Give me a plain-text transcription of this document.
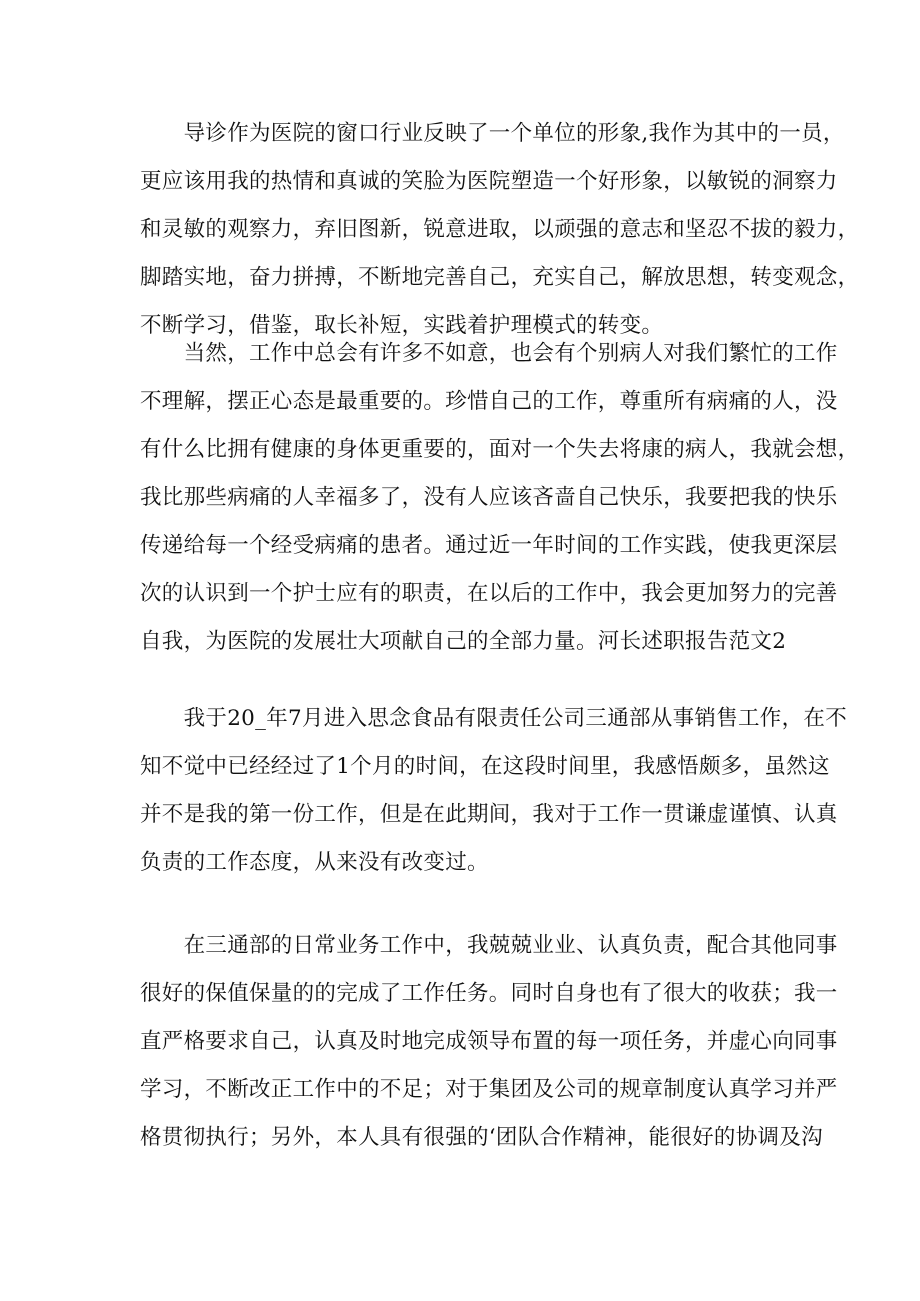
　　导诊作为医院的窗口行业反映了一个单位的形象,我作为其中的一员，
更应该用我的热情和真诚的笑脸为医院塑造一个好形象，以敏锐的洞察力
和灵敏的观察力，弃旧图新，锐意进取，以顽强的意志和坚忍不拔的毅力，
脚踏实地，奋力拼搏，不断地完善自己，充实自己，解放思想，转变观念，
不断学习，借鉴，取长补短，实践着护理模式的转变。
　　当然，工作中总会有许多不如意，也会有个别病人对我们繁忙的工作
不理解，摆正心态是最重要的。珍惜自己的工作，尊重所有病痛的人，没
有什么比拥有健康的身体更重要的，面对一个失去将康的病人，我就会想，
我比那些病痛的人幸福多了，没有人应该吝啬自己快乐，我要把我的快乐
传递给每一个经受病痛的患者。通过近一年时间的工作实践，使我更深层
次的认识到一个护士应有的职责，在以后的工作中，我会更加努力的完善
自我，为医院的发展壮大项献自己的全部力量。河长述职报告范文2
　　我于20_年7月进入思念食品有限责任公司三通部从事销售工作，在不
知不觉中已经经过了1个月的时间，在这段时间里，我感悟颇多，虽然这
并不是我的第一份工作，但是在此期间，我对于工作一贯谦虚谨慎、认真
负责的工作态度，从来没有改变过。
　　在三通部的日常业务工作中，我兢兢业业、认真负责，配合其他同事
很好的保值保量的的完成了工作任务。同时自身也有了很大的收获；我一
直严格要求自己，认真及时地完成领导布置的每一项任务，并虚心向同事
学习，不断改正工作中的不足；对于集团及公司的规章制度认真学习并严
格贯彻执行；另外，本人具有很强的‘团队合作精神，能很好的协调及沟
